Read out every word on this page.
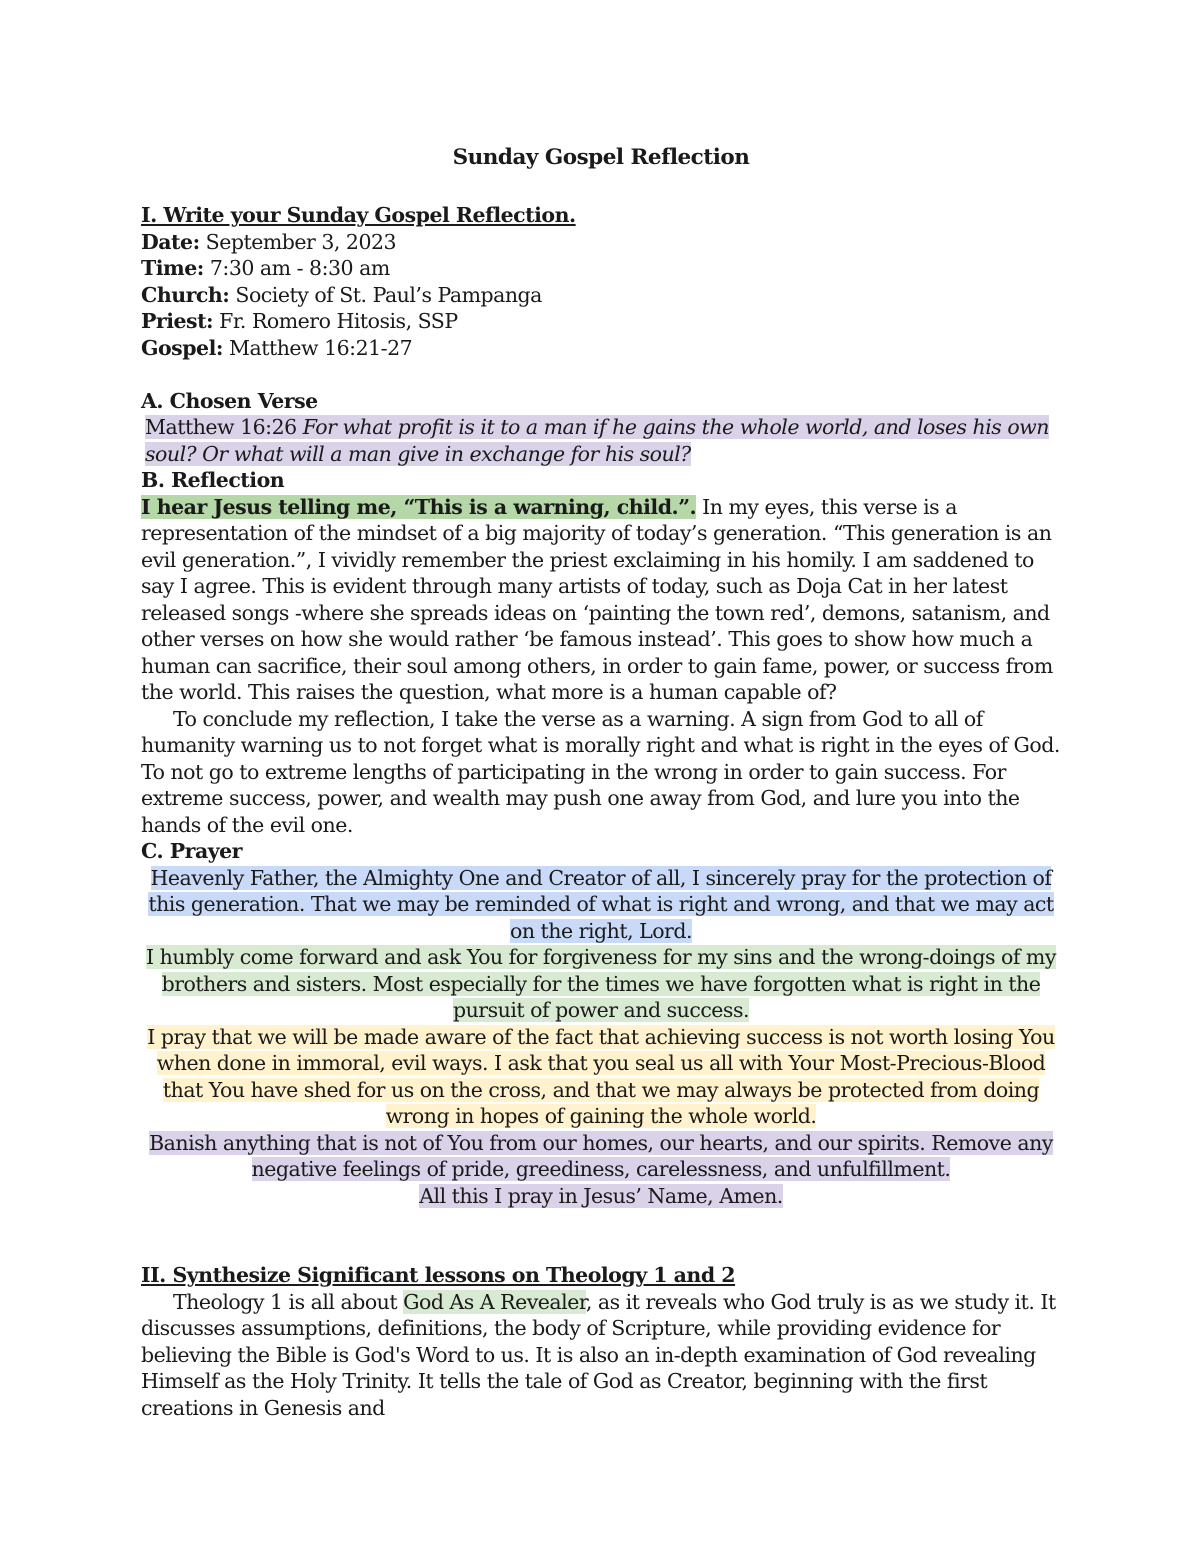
Sunday Gospel Reflection

I. Write your Sunday Gospel Reflection.

Date: September 3, 2023

Time: 7:30 am - 8:30 am

Church: Society of St. Paul’s Pampanga

Priest: Fr. Romero Hitosis, SSP

Gospel: Matthew 16:21-27

A. Chosen Verse

Matthew 16:26 For what profit is it to a man if he gains the whole world, and loses his own soul? Or what will a man give in exchange for his soul?

B. Reflection

I hear Jesus telling me, “This is a warning, child.”. In my eyes, this verse is a representation of the mindset of a big majority of today’s generation. “This generation is an evil generation.”, I vividly remember the priest exclaiming in his homily. I am saddened to say I agree. This is evident through many artists of today, such as Doja Cat in her latest released songs -where she spreads ideas on ‘painting the town red’, demons, satanism, and other verses on how she would rather ‘be famous instead’. This goes to show how much a human can sacrifice, their soul among others, in order to gain fame, power, or success from the world. This raises the question, what more is a human capable of?

To conclude my reflection, I take the verse as a warning. A sign from God to all of humanity warning us to not forget what is morally right and what is right in the eyes of God. To not go to extreme lengths of participating in the wrong in order to gain success. For extreme success, power, and wealth may push one away from God, and lure you into the hands of the evil one.

C. Prayer

Heavenly Father, the Almighty One and Creator of all, I sincerely pray for the protection of this generation. That we may be reminded of what is right and wrong, and that we may act on the right, Lord.

I humbly come forward and ask You for forgiveness for my sins and the wrong-doings of my brothers and sisters. Most especially for the times we have forgotten what is right in the pursuit of power and success.

I pray that we will be made aware of the fact that achieving success is not worth losing You when done in immoral, evil ways. I ask that you seal us all with Your Most-Precious-Blood that You have shed for us on the cross, and that we may always be protected from doing wrong in hopes of gaining the whole world.

Banish anything that is not of You from our homes, our hearts, and our spirits. Remove any negative feelings of pride, greediness, carelessness, and unfulfillment.
All this I pray in Jesus’ Name, Amen.

II. Synthesize Significant lessons on Theology 1 and 2

Theology 1 is all about God As A Revealer, as it reveals who God truly is as we study it. It discusses assumptions, definitions, the body of Scripture, while providing evidence for believing the Bible is God's Word to us. It is also an in-depth examination of God revealing Himself as the Holy Trinity. It tells the tale of God as Creator, beginning with the first creations in Genesis and
